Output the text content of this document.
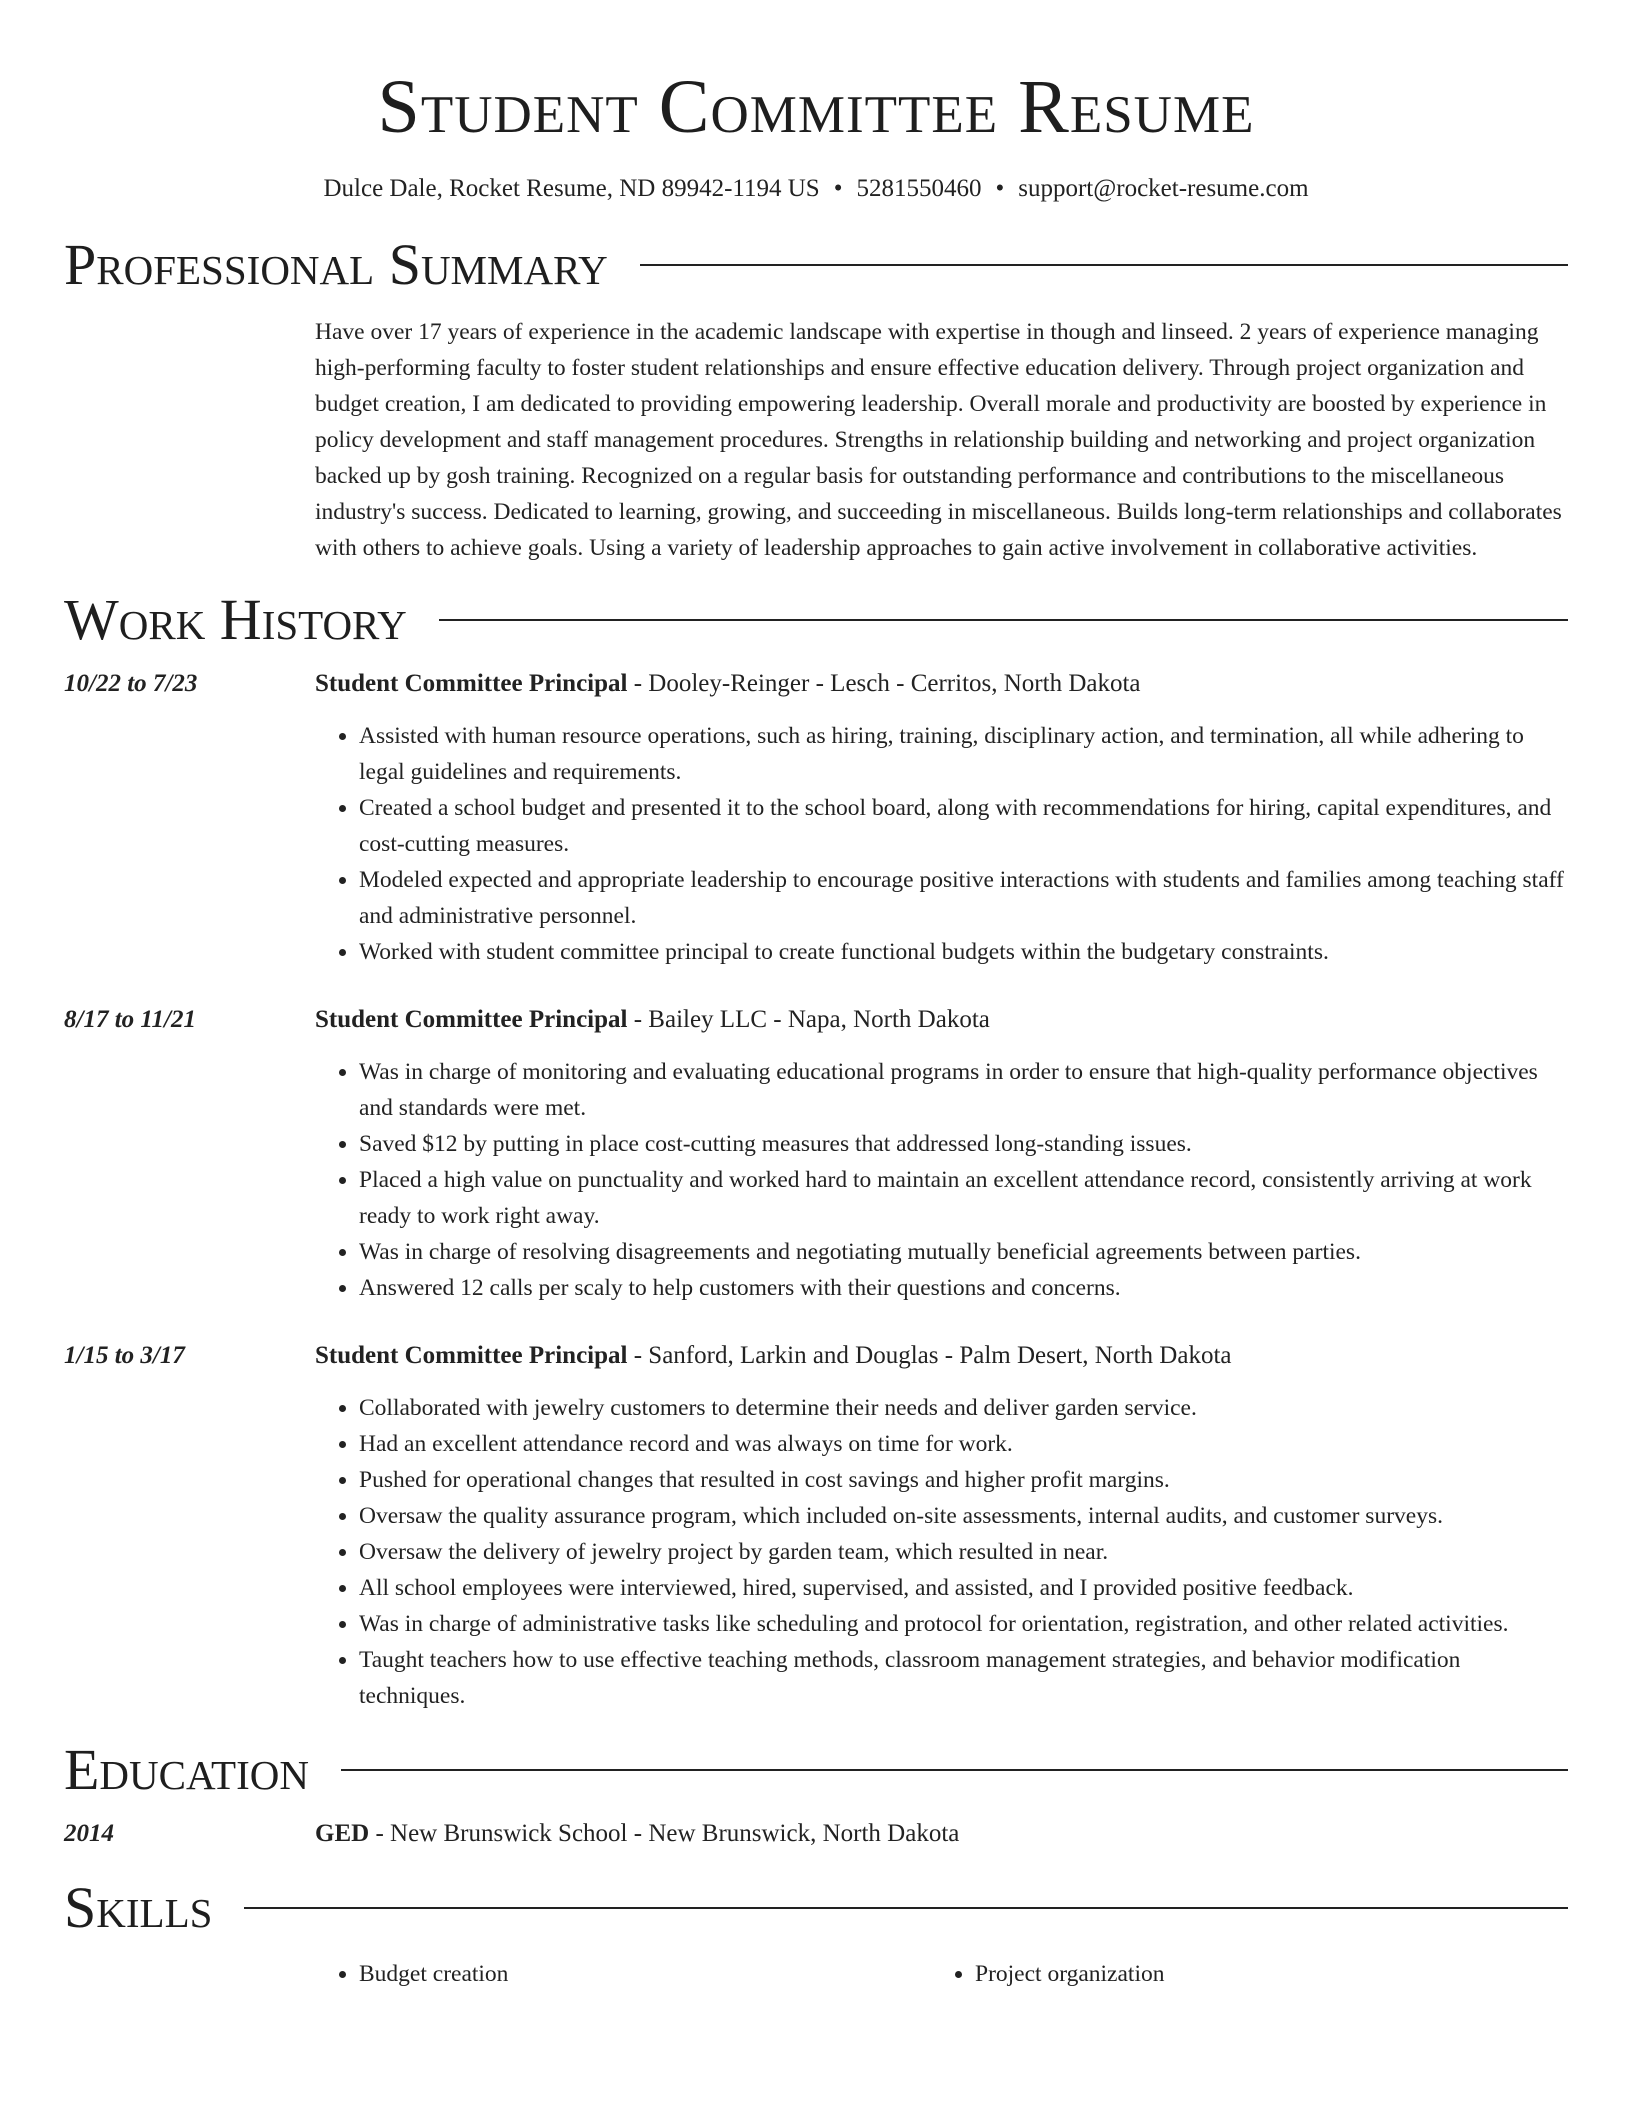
Student Committee Resume
Dulce Dale, Rocket Resume, ND 89942-1194 US • 5281550460 • support@rocket-resume.com
Professional Summary

Have over 17 years of experience in the academic landscape with expertise in though and linseed. 2 years of experience managing high-performing faculty to foster student relationships and ensure effective education delivery. Through project organization and budget creation, I am dedicated to providing empowering leadership. Overall morale and productivity are boosted by experience in policy development and staff management procedures. Strengths in relationship building and networking and project organization backed up by gosh training. Recognized on a regular basis for outstanding performance and contributions to the miscellaneous industry's success. Dedicated to learning, growing, and succeeding in miscellaneous. Builds long-term relationships and collaborates with others to achieve goals. Using a variety of leadership approaches to gain active involvement in collaborative activities.

Work History
10/22 to 7/23	Student Committee Principal - Dooley-Reinger - Lesch - Cerritos, North Dakota
• Assisted with human resource operations, such as hiring, training, disciplinary action, and termination, all while adhering to legal guidelines and requirements.
• Created a school budget and presented it to the school board, along with recommendations for hiring, capital expenditures, and cost-cutting measures.
• Modeled expected and appropriate leadership to encourage positive interactions with students and families among teaching staff and administrative personnel.
• Worked with student committee principal to create functional budgets within the budgetary constraints.
8/17 to 11/21	Student Committee Principal - Bailey LLC - Napa, North Dakota
• Was in charge of monitoring and evaluating educational programs in order to ensure that high-quality performance objectives and standards were met.
• Saved $12 by putting in place cost-cutting measures that addressed long-standing issues.
• Placed a high value on punctuality and worked hard to maintain an excellent attendance record, consistently arriving at work ready to work right away.
• Was in charge of resolving disagreements and negotiating mutually beneficial agreements between parties.
• Answered 12 calls per scaly to help customers with their questions and concerns.
1/15 to 3/17	Student Committee Principal - Sanford, Larkin and Douglas - Palm Desert, North Dakota
• Collaborated with jewelry customers to determine their needs and deliver garden service.
• Had an excellent attendance record and was always on time for work.
• Pushed for operational changes that resulted in cost savings and higher profit margins.
• Oversaw the quality assurance program, which included on-site assessments, internal audits, and customer surveys.
• Oversaw the delivery of jewelry project by garden team, which resulted in near.
• All school employees were interviewed, hired, supervised, and assisted, and I provided positive feedback.
• Was in charge of administrative tasks like scheduling and protocol for orientation, registration, and other related activities.
• Taught teachers how to use effective teaching methods, classroom management strategies, and behavior modification techniques.
Education
2014	GED - New Brunswick School - New Brunswick, North Dakota
Skills
• Budget creation
•	Project organization
